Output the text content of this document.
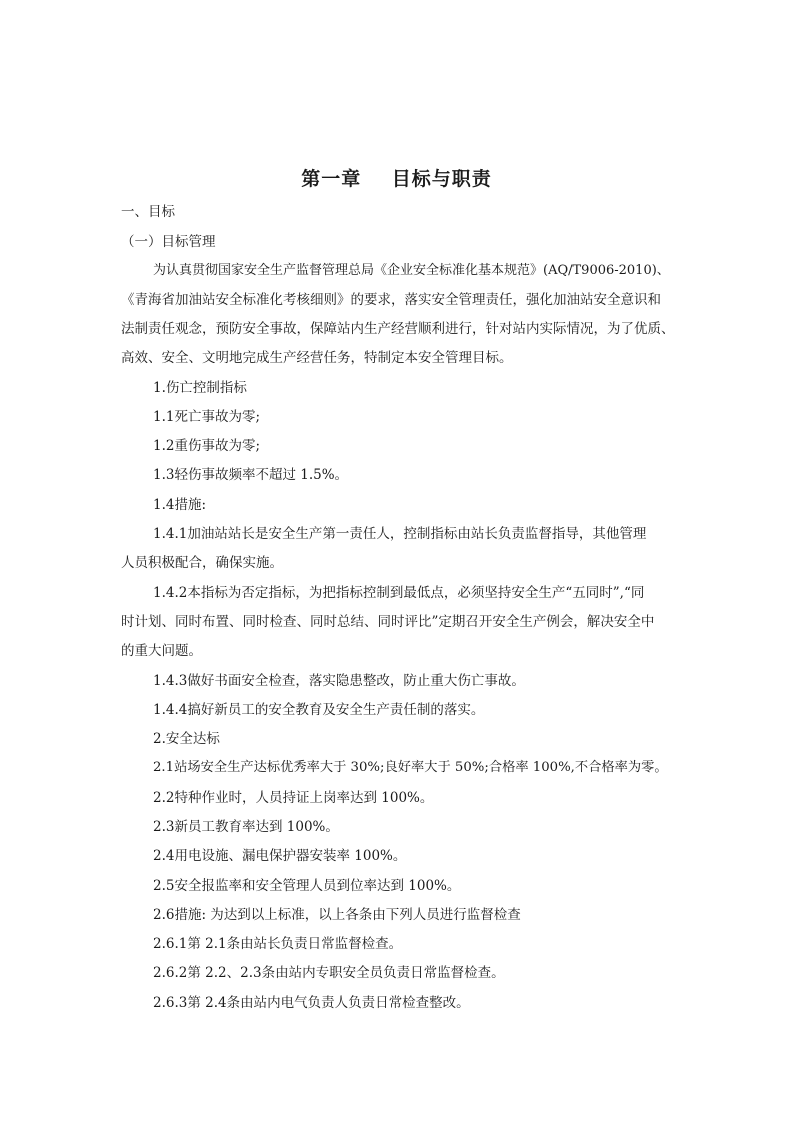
第一章    目标与职责
一、目标
（一）目标管理
为认真贯彻国家安全生产监督管理总局《企业安全标准化基本规范》(AQ/T9006-2010)、
《青海省加油站安全标准化考核细则》的要求，落实安全管理责任，强化加油站安全意识和
法制责任观念，预防安全事故，保障站内生产经营顺利进行，针对站内实际情况，为了优质、
高效、安全、文明地完成生产经营任务，特制定本安全管理目标。
1.伤亡控制指标
1.1死亡事故为零;
1.2重伤事故为零;
1.3轻伤事故频率不超过 1.5%。
1.4措施:
1.4.1加油站站长是安全生产第一责任人，控制指标由站长负责监督指导，其他管理
人员积极配合，确保实施。
1.4.2本指标为否定指标，为把指标控制到最低点，必须坚持安全生产“五同时”,“同
时计划、同时布置、同时检查、同时总结、同时评比”定期召开安全生产例会，解决安全中
的重大问题。
1.4.3做好书面安全检查，落实隐患整改，防止重大伤亡事故。
1.4.4搞好新员工的安全教育及安全生产责任制的落实。
2.安全达标
2.1站场安全生产达标优秀率大于 30%;良好率大于 50%;合格率 100%,不合格率为零。
2.2特种作业时，人员持证上岗率达到 100%。
2.3新员工教育率达到 100%。
2.4用电设施、漏电保护器安装率 100%。
2.5安全报监率和安全管理人员到位率达到 100%。
2.6措施: 为达到以上标准，以上各条由下列人员进行监督检查
2.6.1第 2.1条由站长负责日常监督检查。
2.6.2第 2.2、2.3条由站内专职安全员负责日常监督检查。
2.6.3第 2.4条由站内电气负责人负责日常检查整改。
